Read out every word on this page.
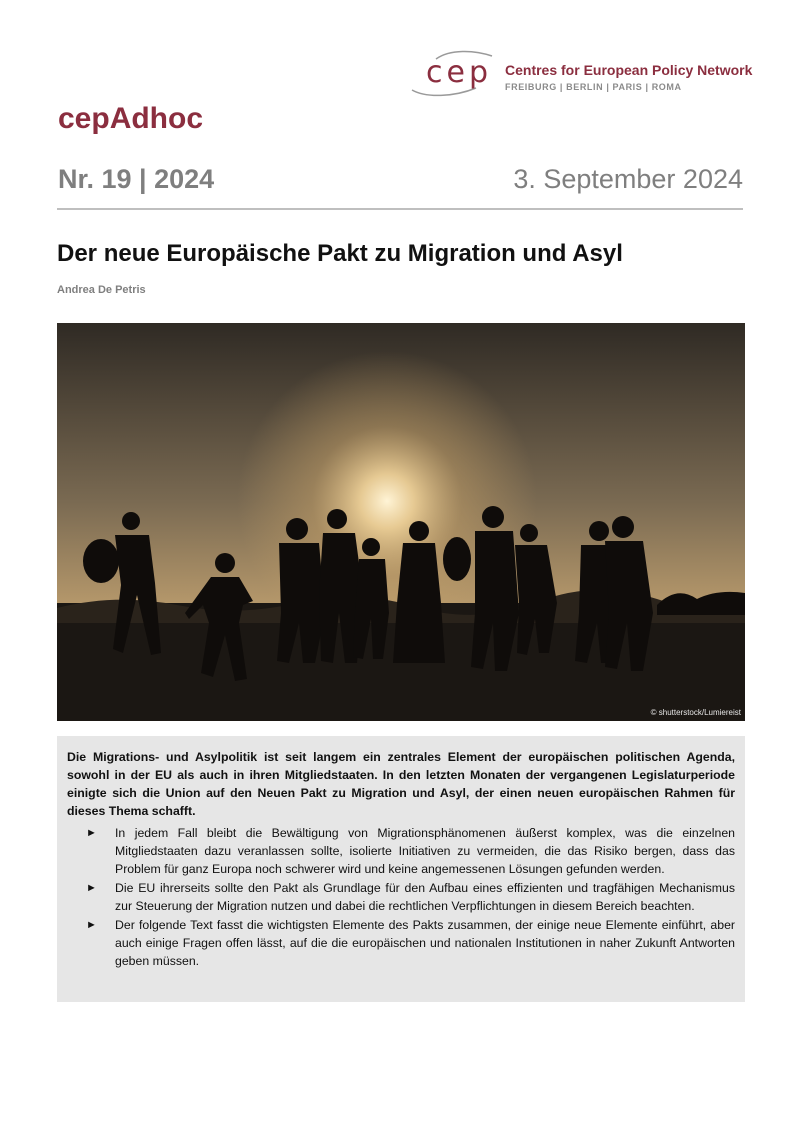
cep Centres for European Policy Network
FREIBURG | BERLIN | PARIS | ROMA
cepAdhoc
Nr. 19 | 2024	3. September 2024
Der neue Europäische Pakt zu Migration und Asyl
Andrea De Petris
© shutterstock/Lumiereist

Die Migrations- und Asylpolitik ist seit langem ein zentrales Element der europäischen politischen Agenda, sowohl in der EU als auch in ihren Mitgliedstaaten. In den letzten Monaten der vergangenen Legislaturperiode einigte sich die Union auf den Neuen Pakt zu Migration und Asyl, der einen neuen europäischen Rahmen für dieses Thema schafft.

► In jedem Fall bleibt die Bewältigung von Migrationsphänomenen äußerst komplex, was die einzelnen Mitgliedstaaten dazu veranlassen sollte, isolierte Initiativen zu vermeiden, die das Risiko bergen, dass das Problem für ganz Europa noch schwerer wird und keine angemessenen Lösungen gefunden werden.
► Die EU ihrerseits sollte den Pakt als Grundlage für den Aufbau eines effizienten und tragfähigen Mechanismus zur Steuerung der Migration nutzen und dabei die rechtlichen Verpflichtungen in diesem Bereich beachten.
► Der folgende Text fasst die wichtigsten Elemente des Pakts zusammen, der einige neue Elemente einführt, aber auch einige Fragen offen lässt, auf die die europäischen und nationalen Institutionen in naher Zukunft Antworten geben müssen.
